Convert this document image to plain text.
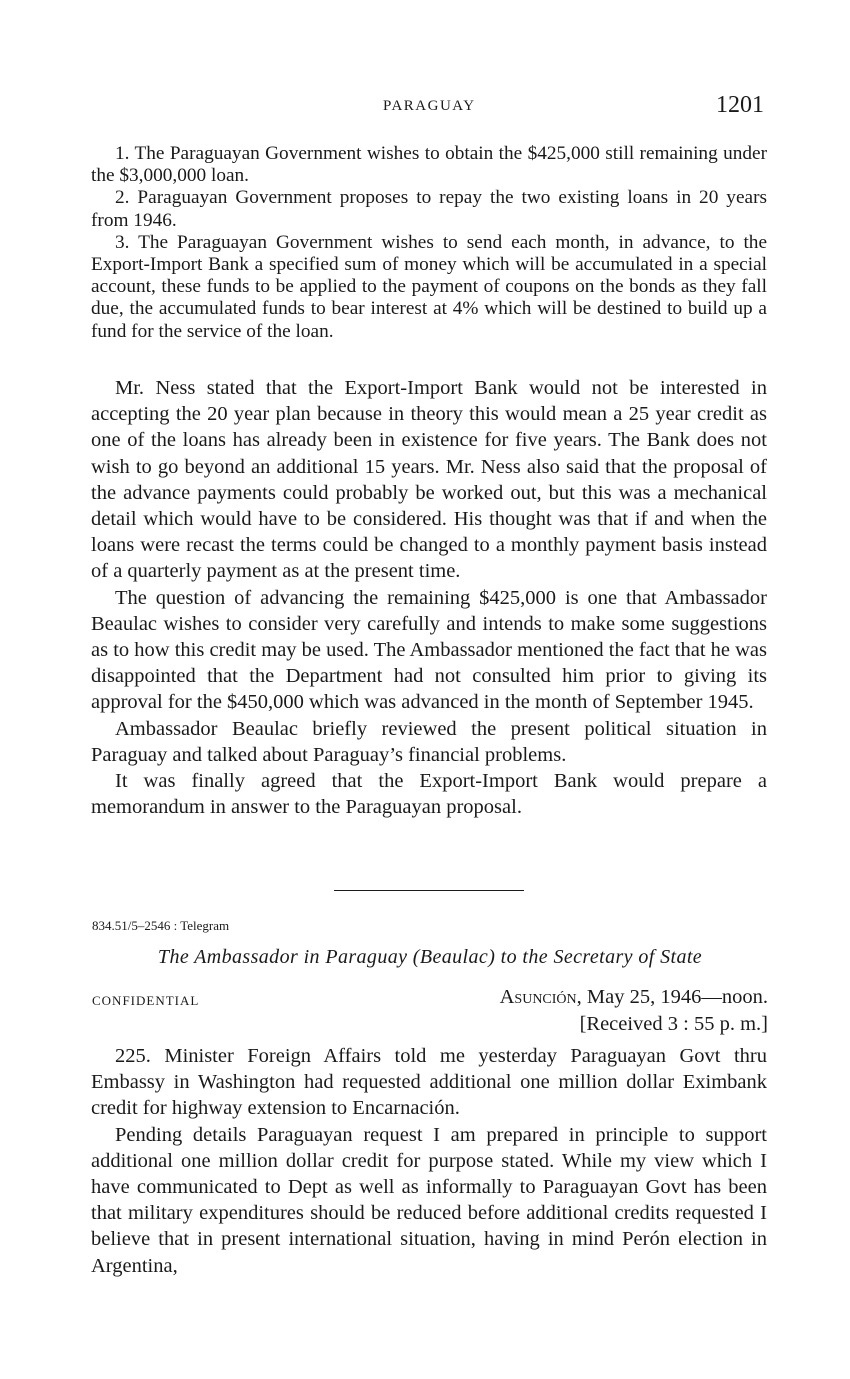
PARAGUAY	1201

1. The Paraguayan Government wishes to obtain the $425,000 still remaining under the $3,000,000 loan.

2. Paraguayan Government proposes to repay the two existing loans in 20 years from 1946.

3. The Paraguayan Government wishes to send each month, in advance, to the Export-Import Bank a specified sum of money which will be accumulated in a special account, these funds to be applied to the payment of coupons on the bonds as they fall due, the accumulated funds to bear interest at 4% which will be destined to build up a fund for the service of the loan.

Mr. Ness stated that the Export-Import Bank would not be interested in accepting the 20 year plan because in theory this would mean a 25 year credit as one of the loans has already been in existence for five years. The Bank does not wish to go beyond an additional 15 years. Mr. Ness also said that the proposal of the advance payments could probably be worked out, but this was a mechanical detail which would have to be considered. His thought was that if and when the loans were recast the terms could be changed to a monthly payment basis instead of a quarterly payment as at the present time.

The question of advancing the remaining $425,000 is one that Ambassador Beaulac wishes to consider very carefully and intends to make some suggestions as to how this credit may be used. The Ambassador mentioned the fact that he was disappointed that the Department had not consulted him prior to giving its approval for the $450,000 which was advanced in the month of September 1945.

Ambassador Beaulac briefly reviewed the present political situation in Paraguay and talked about Paraguay’s financial problems.

It was finally agreed that the Export-Import Bank would prepare a memorandum in answer to the Paraguayan proposal.

834.51/5–2546 : Telegram
The Ambassador in Paraguay (Beaulac) to the Secretary of State
CONFIDENTIAL	Asunción, May 25, 1946—noon.
[Received 3 : 55 p. m.]

225. Minister Foreign Affairs told me yesterday Paraguayan Govt thru Embassy in Washington had requested additional one million dollar Eximbank credit for highway extension to Encarnación.

Pending details Paraguayan request I am prepared in principle to support additional one million dollar credit for purpose stated. While my view which I have communicated to Dept as well as informally to Paraguayan Govt has been that military expenditures should be reduced before additional credits requested I believe that in present international situation, having in mind Perón election in Argentina,
